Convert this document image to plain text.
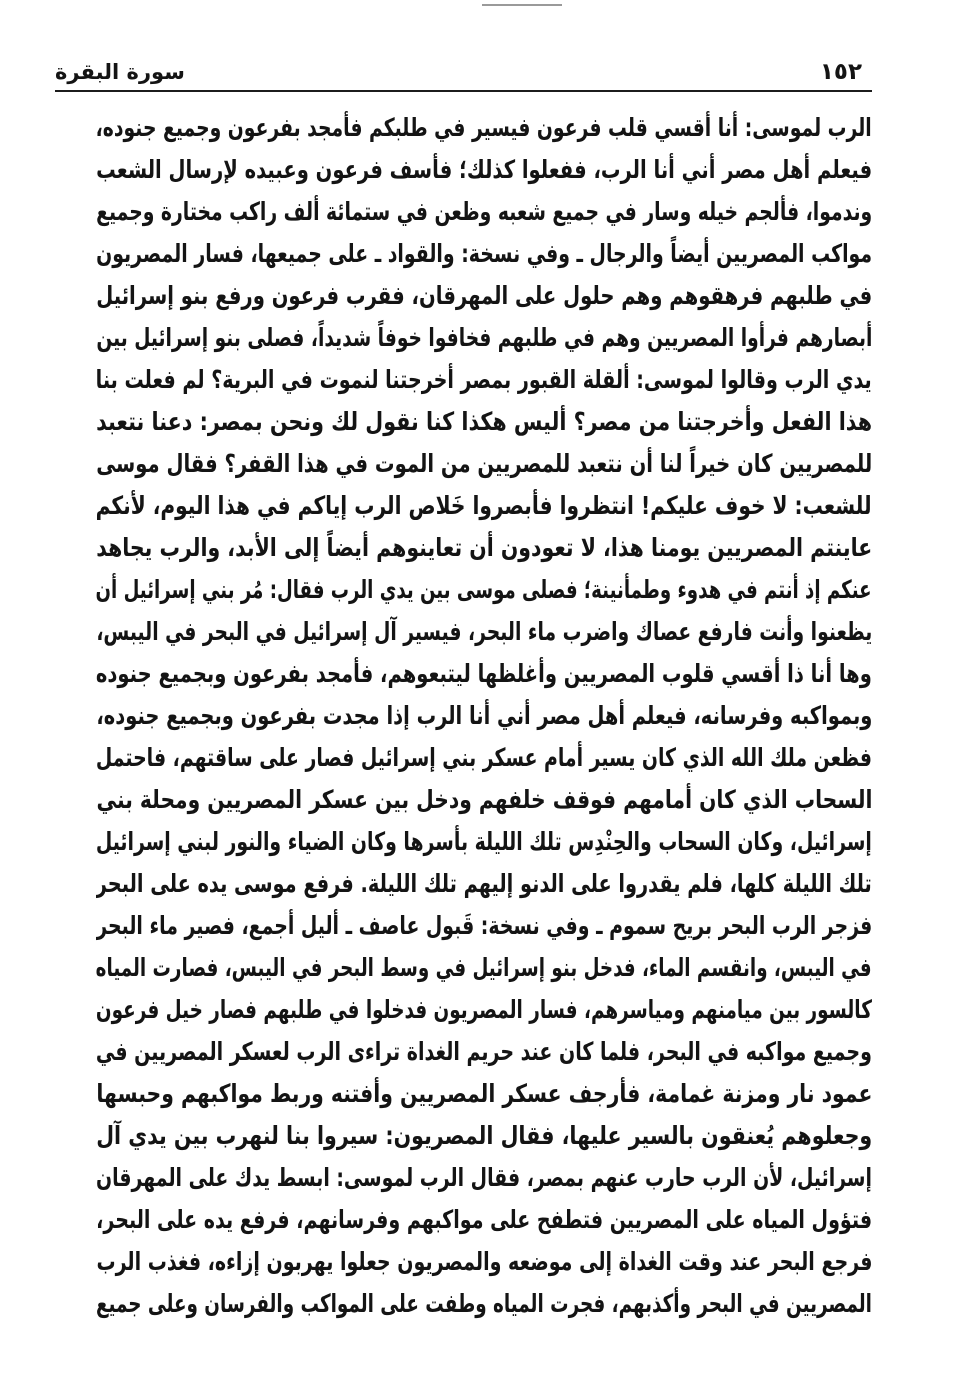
١٥٢
سورة البقرة
الرب لموسى: أنا أقسي قلب فرعون فيسير في طلبكم فأمجد بفرعون وجميع جنوده،
فيعلم أهل مصر أني أنا الرب، ففعلوا كذلك؛ فأسف فرعون وعبيده لإرسال الشعب
وندموا، فألجم خيله وسار في جميع شعبه وظعن في ستمائة ألف راكب مختارة وجميع
مواكب المصريين أيضاً والرجال ـ وفي نسخة: والقواد ـ على جميعها، فسار المصريون
في طلبهم فرهقوهم وهم حلول على المهرقان، فقرب فرعون ورفع بنو إسرائيل
أبصارهم فرأوا المصريين وهم في طلبهم فخافوا خوفاً شديداً، فصلى بنو إسرائيل بين
يدي الرب وقالوا لموسى: ألقلة القبور بمصر أخرجتنا لنموت في البرية؟ لم فعلت بنا
هذا الفعل وأخرجتنا من مصر؟ أليس هكذا كنا نقول لك ونحن بمصر: دعنا نتعبد
للمصريين كان خيراً لنا أن نتعبد للمصريين من الموت في هذا القفر؟ فقال موسى
للشعب: لا خوف عليكم! انتظروا فأبصروا خَلاص الرب إياكم في هذا اليوم، لأنكم
عاينتم المصريين يومنا هذا، لا تعودون أن تعاينوهم أيضاً إلى الأبد، والرب يجاهد
عنكم إذ أنتم في هدوء وطمأنينة؛ فصلى موسى بين يدي الرب فقال: مُر بني إسرائيل أن
يظعنوا وأنت فارفع عصاك واضرب ماء البحر، فيسير آل إسرائيل في البحر في اليبس،
وها أنا ذا أقسي قلوب المصريين وأغلظها ليتبعوهم، فأمجد بفرعون وبجميع جنوده
وبمواكبه وفرسانه، فيعلم أهل مصر أني أنا الرب إذا مجدت بفرعون وبجميع جنوده،
فظعن ملك الله الذي كان يسير أمام عسكر بني إسرائيل فصار على ساقتهم، فاحتمل
السحاب الذي كان أمامهم فوقف خلفهم ودخل بين عسكر المصريين ومحلة بني
إسرائيل، وكان السحاب والحِنْدِس تلك الليلة بأسرها وكان الضياء والنور لبني إسرائيل
تلك الليلة كلها، فلم يقدروا على الدنو إليهم تلك الليلة. فرفع موسى يده على البحر
فزجر الرب البحر بريح سموم ـ وفي نسخة: قَبول عاصف ـ أليل أجمع، فصير ماء البحر
في اليبس، وانقسم الماء، فدخل بنو إسرائيل في وسط البحر في اليبس، فصارت المياه
كالسور بين ميامنهم ومياسرهم، فسار المصريون فدخلوا في طلبهم فصار خيل فرعون
وجميع مواكبه في البحر، فلما كان عند حريم الغداة تراءى الرب لعسكر المصريين في
عمود نار ومزنة غمامة، فأرجف عسكر المصريين وأفتنه وربط مواكبهم وحبسها
وجعلوهم يُعنقون بالسير عليها، فقال المصريون: سيروا بنا لنهرب بين يدي آل
إسرائيل، لأن الرب حارب عنهم بمصر، فقال الرب لموسى: ابسط يدك على المهرقان
فتؤول المياه على المصريين فتطفح على مواكبهم وفرسانهم، فرفع يده على البحر،
فرجع البحر عند وقت الغداة إلى موضعه والمصريون جعلوا يهربون إزاءه، فغذب الرب
المصريين في البحر وأكذبهم، فجرت المياه وطفت على المواكب والفرسان وعلى جميع
